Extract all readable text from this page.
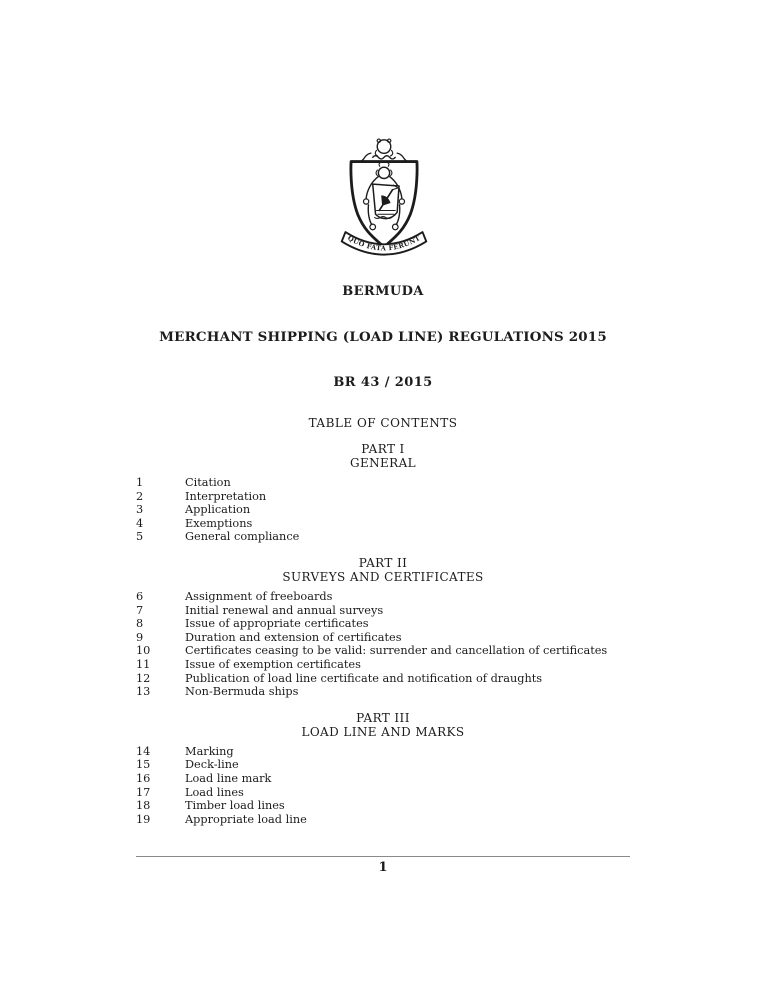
QUO FATA FERUNT
BERMUDA
MERCHANT SHIPPING (LOAD LINE) REGULATIONS 2015
BR 43 / 2015
TABLE OF CONTENTS
PART I
GENERAL
1	Citation
2	Interpretation
3	Application
4	Exemptions
5	General compliance
PART II
SURVEYS AND CERTIFICATES
6	Assignment of freeboards
7	Initial renewal and annual surveys
8	Issue of appropriate certificates
9	Duration and extension of certificates
10	Certificates ceasing to be valid: surrender and cancellation of certificates
11	Issue of exemption certificates
12	Publication of load line certificate and notification of draughts
13	Non-Bermuda ships
PART III
LOAD LINE AND MARKS
14	Marking
15	Deck-line
16	Load line mark
17	Load lines
18	Timber load lines
19	Appropriate load line
1
